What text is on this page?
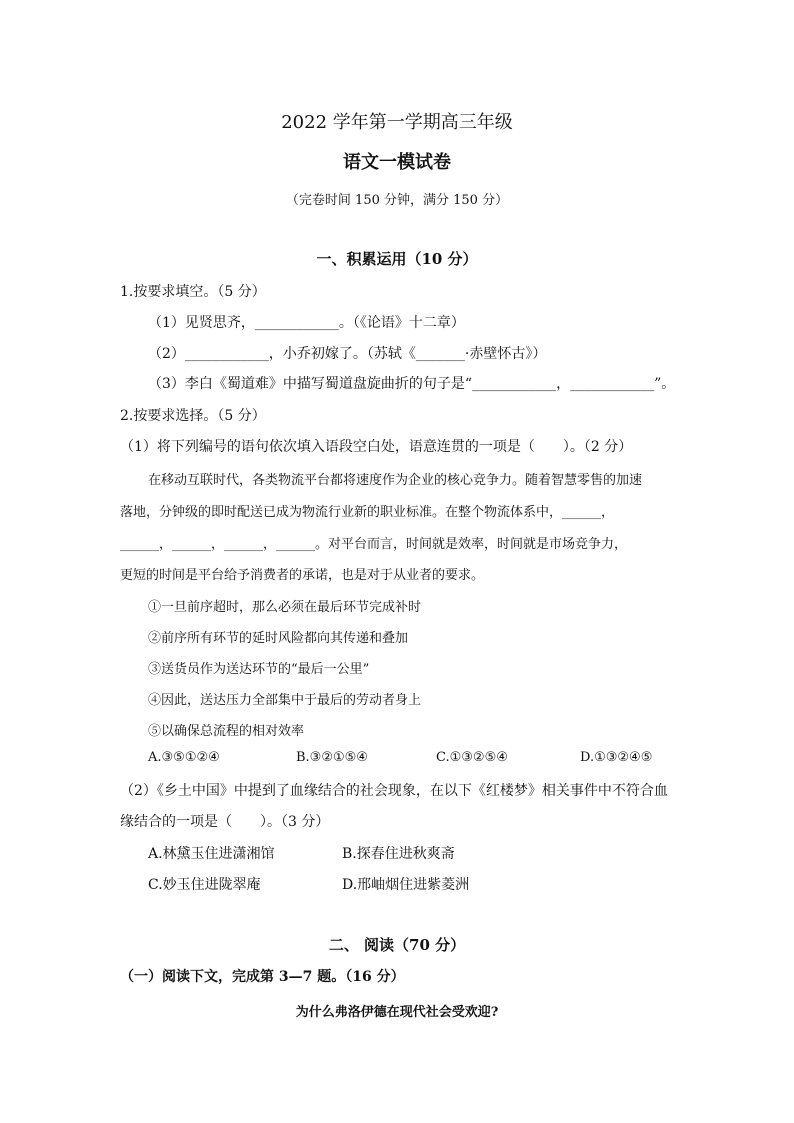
2022 学年第一学期高三年级
语文一模试卷
（完卷时间 150 分钟，满分 150 分）
一、积累运用（10 分）
1.按要求填空。（5 分）
（1）见贤思齐，____________。（《论语》十二章）
（2）____________，小乔初嫁了。（苏轼《_______·赤壁怀古》）
（3）李白《蜀道难》中描写蜀道盘旋曲折的句子是“____________，____________”。
2.按要求选择。（5 分）
（1）将下列编号的语句依次填入语段空白处，语意连贯的一项是（　　）。（2 分）
在移动互联时代，各类物流平台都将速度作为企业的核心竞争力。随着智慧零售的加速
落地，分钟级的即时配送已成为物流行业新的职业标准。在整个物流体系中，______，
______，______，______，______。对平台而言，时间就是效率，时间就是市场竞争力，
更短的时间是平台给予消费者的承诺，也是对于从业者的要求。
①一旦前序超时，那么必须在最后环节完成补时
②前序所有环节的延时风险都向其传递和叠加
③送货员作为送达环节的“最后一公里”
④因此，送达压力全部集中于最后的劳动者身上
⑤以确保总流程的相对效率
A.③⑤①②④	B.③②①⑤④	C.①③②⑤④	D.①③②④⑤
（2）《乡土中国》中提到了血缘结合的社会现象，在以下《红楼梦》相关事件中不符合血
缘结合的一项是（　　）。（3 分）
A.林黛玉住进潇湘馆	B.探春住进秋爽斋
C.妙玉住进陇翠庵	D.邢岫烟住进紫菱洲
二、 阅读（70 分）
（一）阅读下文，完成第 3—7 题。（16 分）
为什么弗洛伊德在现代社会受欢迎?
